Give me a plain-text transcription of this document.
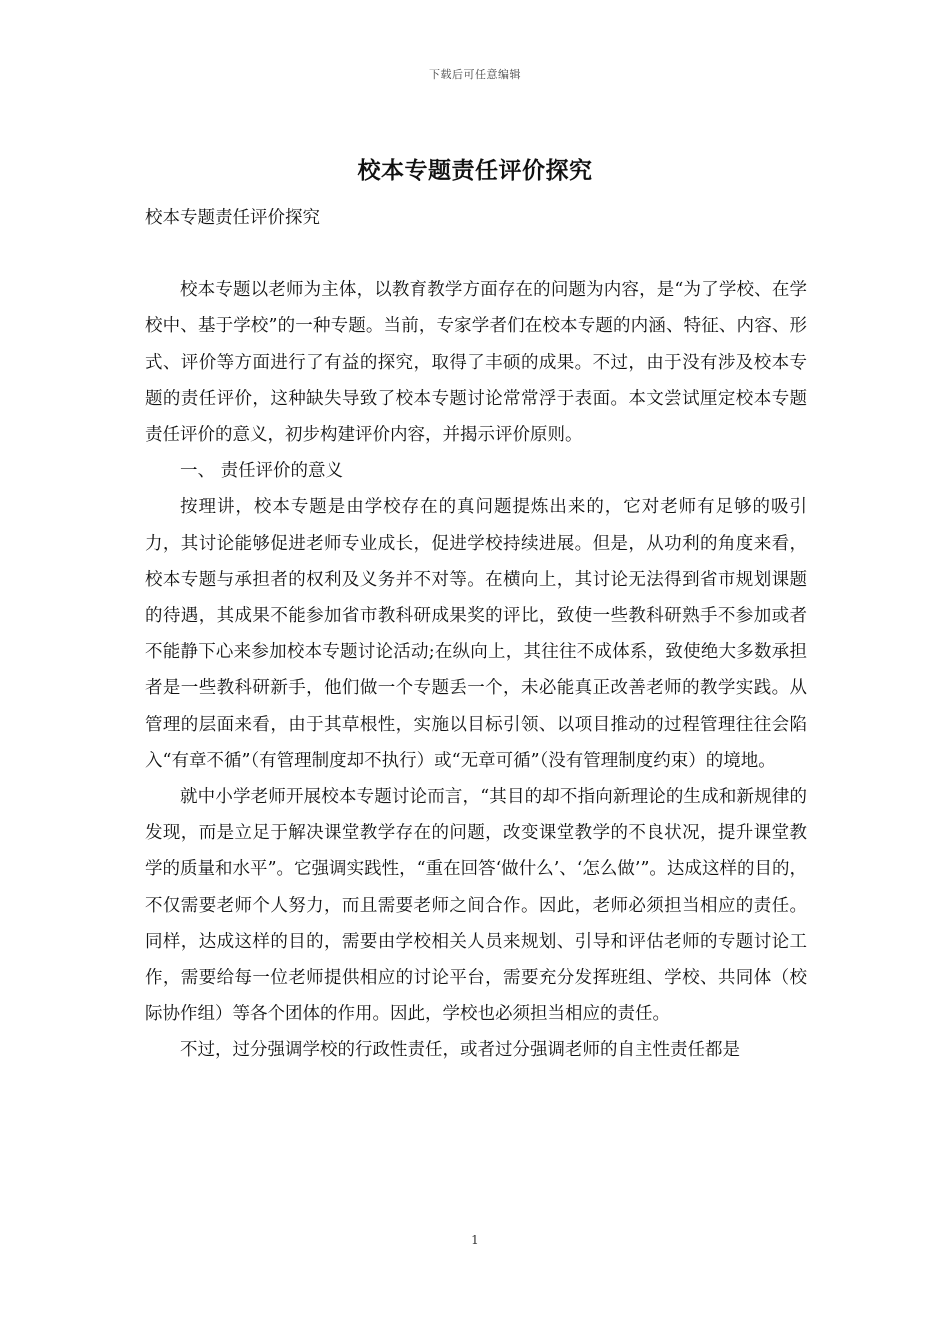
下载后可任意编辑
校本专题责任评价探究

校本专题责任评价探究

校本专题以老师为主体，以教育教学方面存在的问题为内容，是“为了学校、在学校中、基于学校”的一种专题。当前，专家学者们在校本专题的内涵、特征、内容、形式、评价等方面进行了有益的探究，取得了丰硕的成果。不过，由于没有涉及校本专题的责任评价，这种缺失导致了校本专题讨论常常浮于表面。本文尝试厘定校本专题责任评价的意义，初步构建评价内容，并揭示评价原则。

一、 责任评价的意义

按理讲，校本专题是由学校存在的真问题提炼出来的，它对老师有足够的吸引力，其讨论能够促进老师专业成长，促进学校持续进展。但是，从功利的角度来看，校本专题与承担者的权利及义务并不对等。在横向上，其讨论无法得到省市规划课题的待遇，其成果不能参加省市教科研成果奖的评比，致使一些教科研熟手不参加或者不能静下心来参加校本专题讨论活动;在纵向上，其往往不成体系，致使绝大多数承担者是一些教科研新手，他们做一个专题丢一个，未必能真正改善老师的教学实践。从管理的层面来看，由于其草根性，实施以目标引领、以项目推动的过程管理往往会陷入“有章不循”（有管理制度却不执行）或“无章可循”（没有管理制度约束）的境地。

就中小学老师开展校本专题讨论而言，“其目的却不指向新理论的生成和新规律的发现，而是立足于解决课堂教学存在的问题，改变课堂教学的不良状况，提升课堂教学的质量和水平”。它强调实践性，“重在回答‘做什么’、‘怎么做’”。达成这样的目的，不仅需要老师个人努力，而且需要老师之间合作。因此，老师必须担当相应的责任。同样，达成这样的目的，需要由学校相关人员来规划、引导和评估老师的专题讨论工作，需要给每一位老师提供相应的讨论平台，需要充分发挥班组、学校、共同体（校际协作组）等各个团体的作用。因此，学校也必须担当相应的责任。

不过，过分强调学校的行政性责任，或者过分强调老师的自主性责任都是

1
